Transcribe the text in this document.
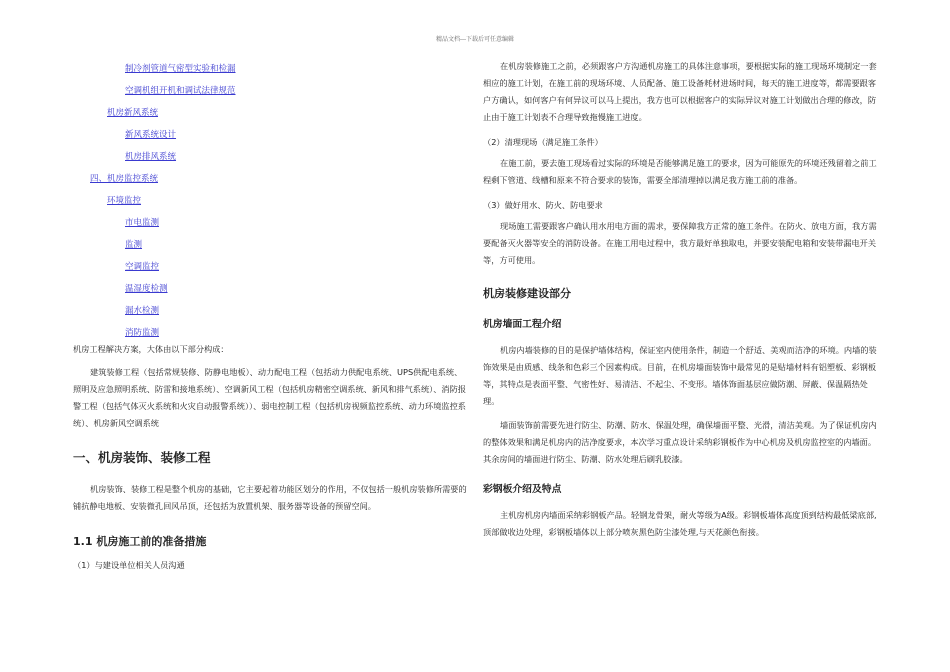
精品文档---下载后可任意编辑
制冷剂管道气密型实验和检漏
空调机组开机和调试法律规范
机房新风系统
新风系统设计
机房排风系统
四、机房监控系统
环境监控
市电监测
监测
空调监控
温湿度检测
漏水检测
消防监测

机房工程解决方案，大体由以下部分构成：

建筑装修工程（包括常规装修、防静电地板）、动力配电工程（包括动力供配电系统、UPS供配电系统、照明及应急照明系统、防雷和接地系统）、空调新风工程（包括机房精密空调系统、新风和排气系统）、消防报警工程（包括气体灭火系统和火灾自动报警系统））、弱电控制工程（包括机房视频监控系统、动力环境监控系统）、机房新风空调系统

一、机房装饰、装修工程

机房装饰、装修工程是整个机房的基础，它主要起着功能区划分的作用，不仅包括一般机房装修所需要的铺抗静电地板、安装微孔回风吊顶，还包括为放置机架、服务器等设备的预留空间。

1.1 机房施工前的准备措施

（1）与建设单位相关人员沟通

在机房装修施工之前，必须跟客户方沟通机房施工的具体注意事项，要根据实际的施工现场环境制定一套相应的施工计划，在施工前的现场环境、人员配备、施工设备耗材进场时间，每天的施工进度等，都需要跟客户方确认，如何客户有何异议可以马上提出，我方也可以根据客户的实际异议对施工计划做出合理的修改，防止由于施工计划表不合理导致拖慢施工进度。

（2）清理现场（满足施工条件）

在施工前，要去施工现场看过实际的环境是否能够满足施工的要求，因为可能原先的环境还残留着之前工程剩下管道、线槽和原来不符合要求的装饰，需要全部清理掉以满足我方施工前的准备。

（3）做好用水、防火、防电要求

现场施工需要跟客户确认用水用电方面的需求，要保障我方正常的施工条件。在防火、放电方面，我方需要配备灭火器等安全的消防设备。在施工用电过程中，我方最好单独取电，并要安装配电箱和安装带漏电开关等，方可使用。

机房装修建设部分
机房墙面工程介绍

机房内墙装修的目的是保护墙体结构，保证室内使用条件，制造一个舒适、美观而洁净的环境。内墙的装饰效果是由质感、线条和色彩三个因素构成。目前，在机房墙面装饰中最常见的是贴墙材料有铝塑板、彩钢板等，其特点是表面平整、气密性好、易清洁、不起尘、不变形。墙体饰面基层应做防潮、屏蔽、保温隔热处理。

墙面装饰前需要先进行防尘、防潮、防水、保温处理，确保墙面平整、光滑，清洁美观。为了保证机房内的整体效果和满足机房内的洁净度要求，本次学习重点设计采纳彩钢板作为中心机房及机房监控室的内墙面。其余房间的墙面进行防尘、防潮、防水处理后刷乳胶漆。

彩钢板介绍及特点

主机房机房内墙面采纳彩钢板产品。轻钢龙骨架，耐火等级为A级。彩钢板墙体高度顶到结构最低梁底部,顶部做收边处理，彩钢板墙体以上部分喷灰黑色防尘漆处理,与天花颜色衔接。
